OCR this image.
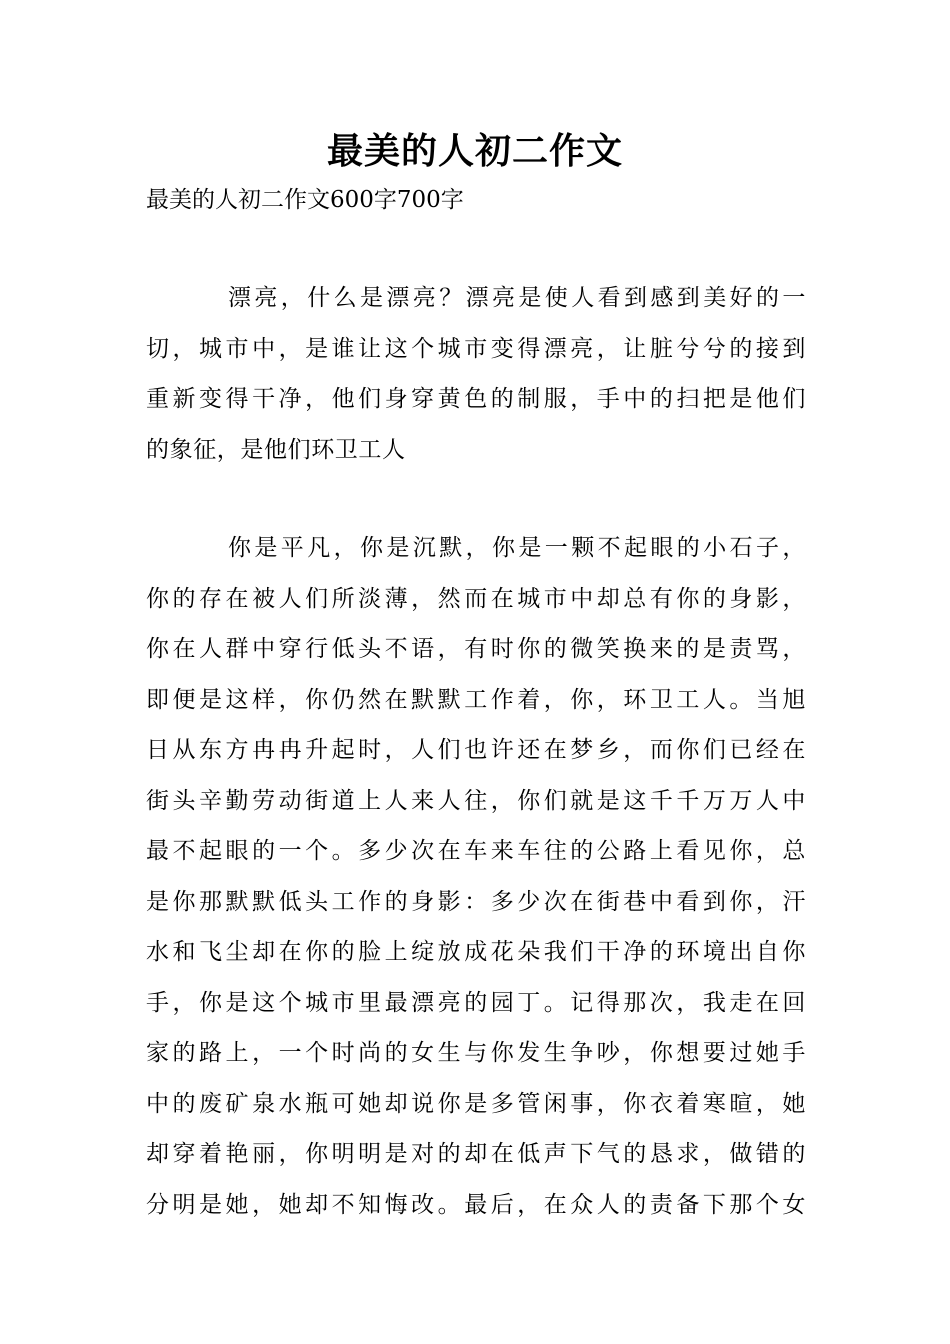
最美的人初二作文
最美的人初二作文600字700字
漂亮，什么是漂亮？漂亮是使人看到感到美好的一
切，城市中，是谁让这个城市变得漂亮，让脏兮兮的接到
重新变得干净，他们身穿黄色的制服，手中的扫把是他们
的象征，是他们环卫工人
你是平凡，你是沉默，你是一颗不起眼的小石子，
你的存在被人们所淡薄，然而在城市中却总有你的身影，
你在人群中穿行低头不语，有时你的微笑换来的是责骂，
即便是这样，你仍然在默默工作着，你，环卫工人。当旭
日从东方冉冉升起时，人们也许还在梦乡，而你们已经在
街头辛勤劳动街道上人来人往，你们就是这千千万万人中
最不起眼的一个。多少次在车来车往的公路上看见你，总
是你那默默低头工作的身影：多少次在街巷中看到你，汗
水和飞尘却在你的脸上绽放成花朵我们干净的环境出自你
手，你是这个城市里最漂亮的园丁。记得那次，我走在回
家的路上，一个时尚的女生与你发生争吵，你想要过她手
中的废矿泉水瓶可她却说你是多管闲事，你衣着寒暄，她
却穿着艳丽，你明明是对的却在低声下气的恳求，做错的
分明是她，她却不知悔改。最后，在众人的责备下那个女
